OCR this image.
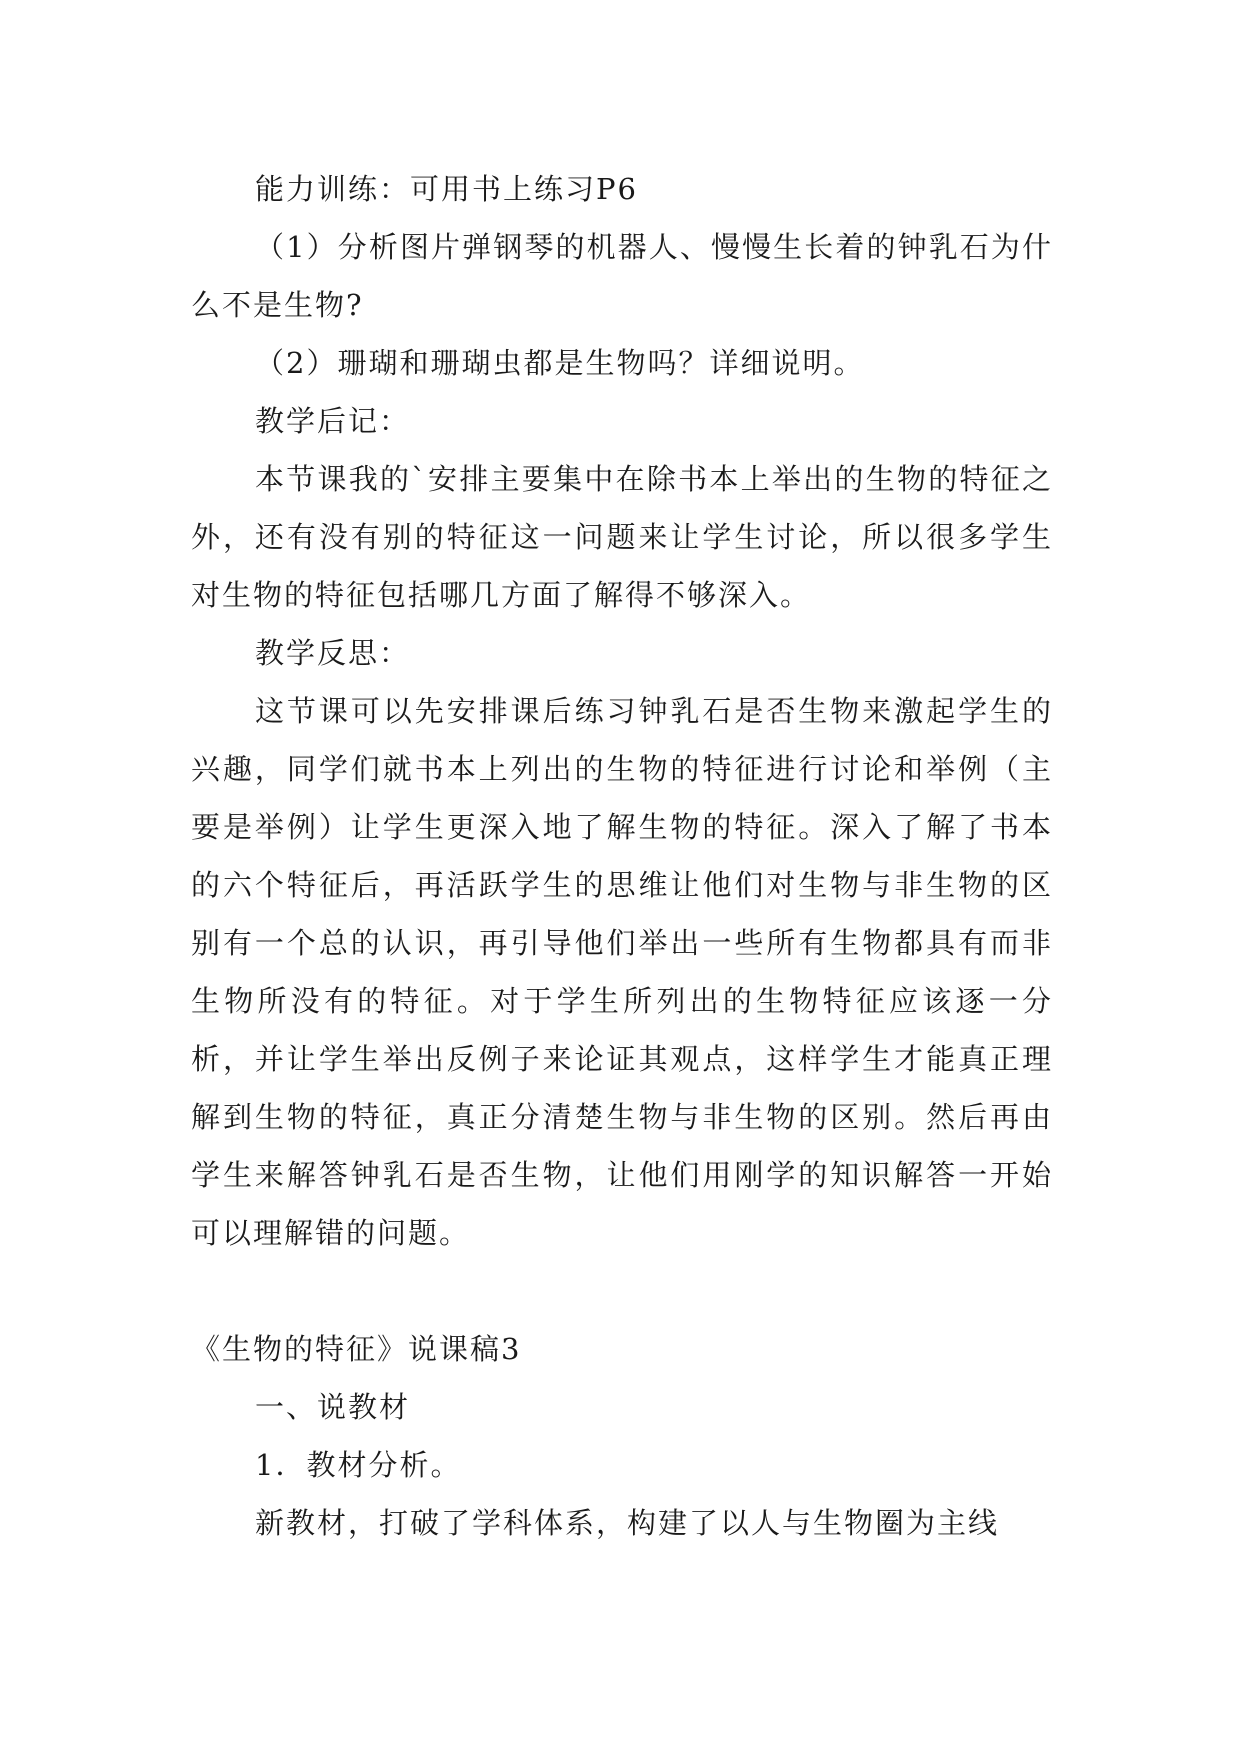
能力训练：可用书上练习P6

（1）分析图片弹钢琴的机器人、慢慢生长着的钟乳石为什么不是生物?

（2）珊瑚和珊瑚虫都是生物吗？详细说明。

教学后记：

本节课我的`安排主要集中在除书本上举出的生物的特征之外，还有没有别的特征这一问题来让学生讨论，所以很多学生对生物的特征包括哪几方面了解得不够深入。

教学反思：

这节课可以先安排课后练习钟乳石是否生物来激起学生的兴趣，同学们就书本上列出的生物的特征进行讨论和举例（主要是举例）让学生更深入地了解生物的特征。深入了解了书本的六个特征后，再活跃学生的思维让他们对生物与非生物的区别有一个总的认识，再引导他们举出一些所有生物都具有而非生物所没有的特征。对于学生所列出的生物特征应该逐一分析，并让学生举出反例子来论证其观点，这样学生才能真正理解到生物的特征，真正分清楚生物与非生物的区别。然后再由学生来解答钟乳石是否生物，让他们用刚学的知识解答一开始可以理解错的问题。

《生物的特征》说课稿3

一、说教材

1．教材分析。

新教材，打破了学科体系，构建了以人与生物圈为主线
